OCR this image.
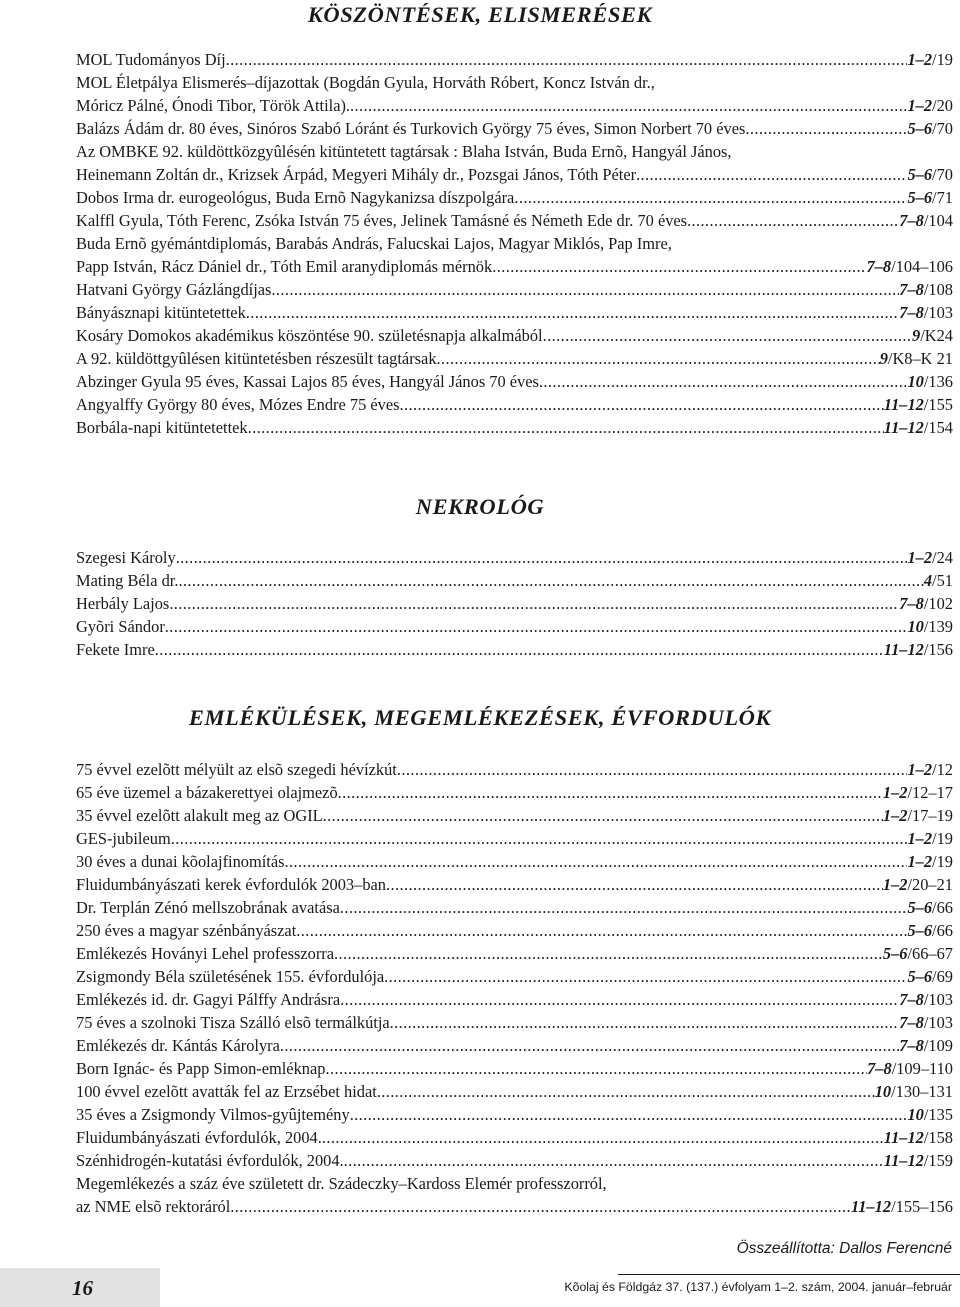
KÖSZÖNTÉSEK, ELISMERÉSEK
MOL Tudományos Díj .....	1–2/19
MOL Életpálya Elismerés–díjazottak (Bogdán Gyula, Horváth Róbert, Koncz István dr.,
Móricz Pálné, Ónodi Tibor, Török Attila). .....	1–2/20
Balázs Ádám dr. 80 éves, Sinóros Szabó Lóránt és Turkovich György 75 éves, Simon Norbert 70 éves .....	5–6/70
Az OMBKE 92. küldöttközgyûlésén kitüntetett tagtársak : Blaha István, Buda Ernõ, Hangyál János,
Heinemann Zoltán dr., Krizsek Árpád, Megyeri Mihály dr., Pozsgai János, Tóth Péter .....	5–6/70
Dobos Irma dr. eurogeológus, Buda Ernõ Nagykanizsa díszpolgára .....	5–6/71
Kalffl Gyula, Tóth Ferenc, Zsóka István 75 éves, Jelinek Tamásné és Németh Ede dr. 70 éves .....	7–8/104
Buda Ernõ gyémántdiplomás, Barabás András, Falucskai Lajos, Magyar Miklós, Pap Imre,
Papp István, Rácz Dániel dr., Tóth Emil aranydiplomás mérnök .....	7–8/104–106
Hatvani György Gázlángdíjas .....	7–8/108
Bányásznapi kitüntetettek .....	7–8/103
Kosáry Domokos akadémikus köszöntése 90. születésnapja alkalmából .....	9/K24
A 92. küldöttgyûlésen kitüntetésben részesült tagtársak .....	9/K8–K 21
Abzinger Gyula 95 éves, Kassai Lajos 85 éves, Hangyál János 70 éves .....	10/136
Angyalffy György 80 éves, Mózes Endre 75 éves .....	11–12/155
Borbála-napi kitüntetettek .....	11–12/154
NEKROLÓG
Szegesi Károly .....	1–2/24
Mating Béla dr. .....	4/51
Herbály Lajos .....	7–8/102
Gyõri Sándor .....	10/139
Fekete Imre .....	11–12/156
EMLÉKÜLÉSEK, MEGEMLÉKEZÉSEK, ÉVFORDULÓK
75 évvel ezelõtt mélyült az elsõ szegedi hévízkút .....	1–2/12
65 éve üzemel a bázakerettyei olajmezõ .....	1–2/12–17
35 évvel ezelõtt alakult meg az OGIL .....	1–2/17–19
GES-jubileum .....	1–2/19
30 éves a dunai kõolajfinomítás .....	1–2/19
Fluidumbányászati kerek évfordulók 2003–ban .....	1–2/20–21
Dr. Terplán Zénó mellszobrának avatása .....	5–6/66
250 éves a magyar szénbányászat .....	5–6/66
Emlékezés Hoványi Lehel professzorra .....	5–6/66–67
Zsigmondy Béla születésének 155. évfordulója .....	5–6/69
Emlékezés id. dr. Gagyi Pálffy Andrásra .....	7–8/103
75 éves a szolnoki Tisza Szálló elsõ termálkútja .....	7–8/103
Emlékezés dr. Kántás Károlyra .....	7–8/109
Born Ignác- és Papp Simon-emléknap .....	7–8/109–110
100 évvel ezelõtt avatták fel az Erzsébet hidat .....	10/130–131
35 éves a Zsigmondy Vilmos-gyûjtemény .....	10/135
Fluidumbányászati évfordulók, 2004. .....	11–12/158
Szénhidrogén-kutatási évfordulók, 2004. .....	11–12/159
Megemlékezés a száz éve született dr. Szádeczky–Kardoss Elemér professzorról,
az NME elsõ rektoráról .....	11–12/155–156
Összeállította: Dallos Ferencné
16	Kõolaj és Földgáz 37. (137.) évfolyam 1–2. szám, 2004. január–február
